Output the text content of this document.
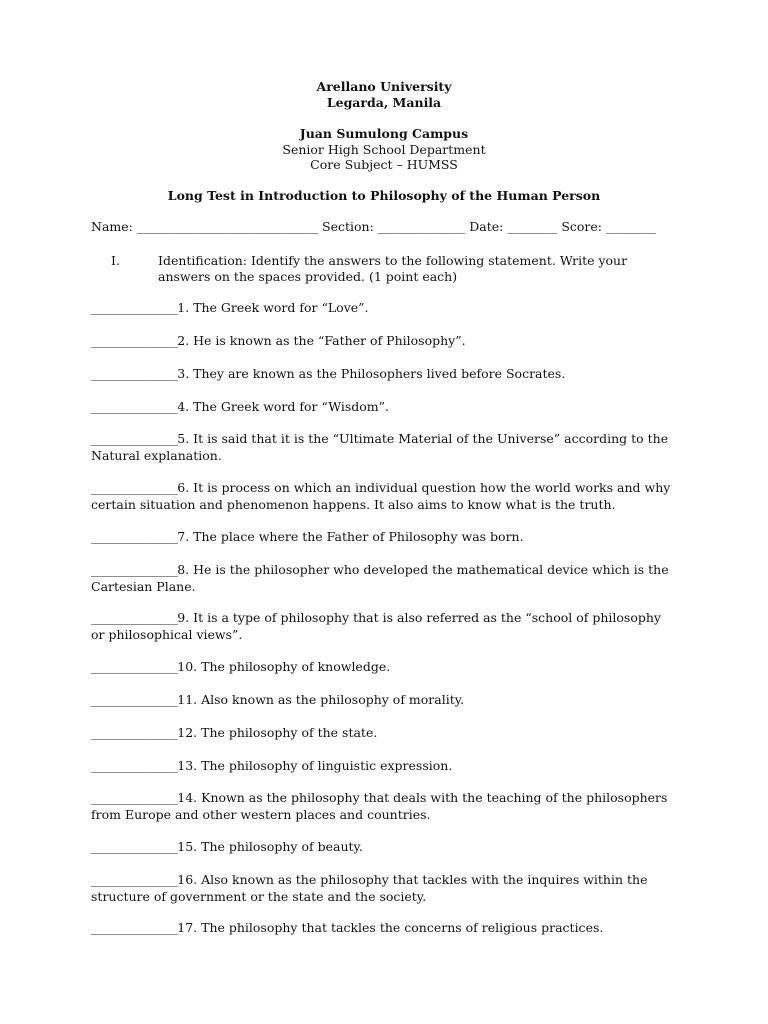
Arellano University
Legarda, Manila
Juan Sumulong Campus
Senior High School Department
Core Subject – HUMSS
Long Test in Introduction to Philosophy of the Human Person
Name: _____________________________ Section: ______________ Date: ________ Score: ________
I.	Identification: Identify the answers to the following statement. Write your answers on the spaces provided. (1 point each)
_______________1. The Greek word for “Love”.
_______________2. He is known as the “Father of Philosophy”.
_______________3. They are known as the Philosophers lived before Socrates.
_______________4. The Greek word for “Wisdom”.
_______________5. It is said that it is the “Ultimate Material of the Universe” according to the Natural explanation.
_______________6. It is process on which an individual question how the world works and why certain situation and phenomenon happens. It also aims to know what is the truth.
_______________7. The place where the Father of Philosophy was born.
_______________8. He is the philosopher who developed the mathematical device which is the Cartesian Plane.
_______________9. It is a type of philosophy that is also referred as the “school of philosophy or philosophical views”.
_______________10. The philosophy of knowledge.
_______________11. Also known as the philosophy of morality.
_______________12. The philosophy of the state.
_______________13. The philosophy of linguistic expression.
_______________14. Known as the philosophy that deals with the teaching of the philosophers from Europe and other western places and countries.
_______________15. The philosophy of beauty.
_______________16. Also known as the philosophy that tackles with the inquires within the structure of government or the state and the society.
_______________17. The philosophy that tackles the concerns of religious practices.
